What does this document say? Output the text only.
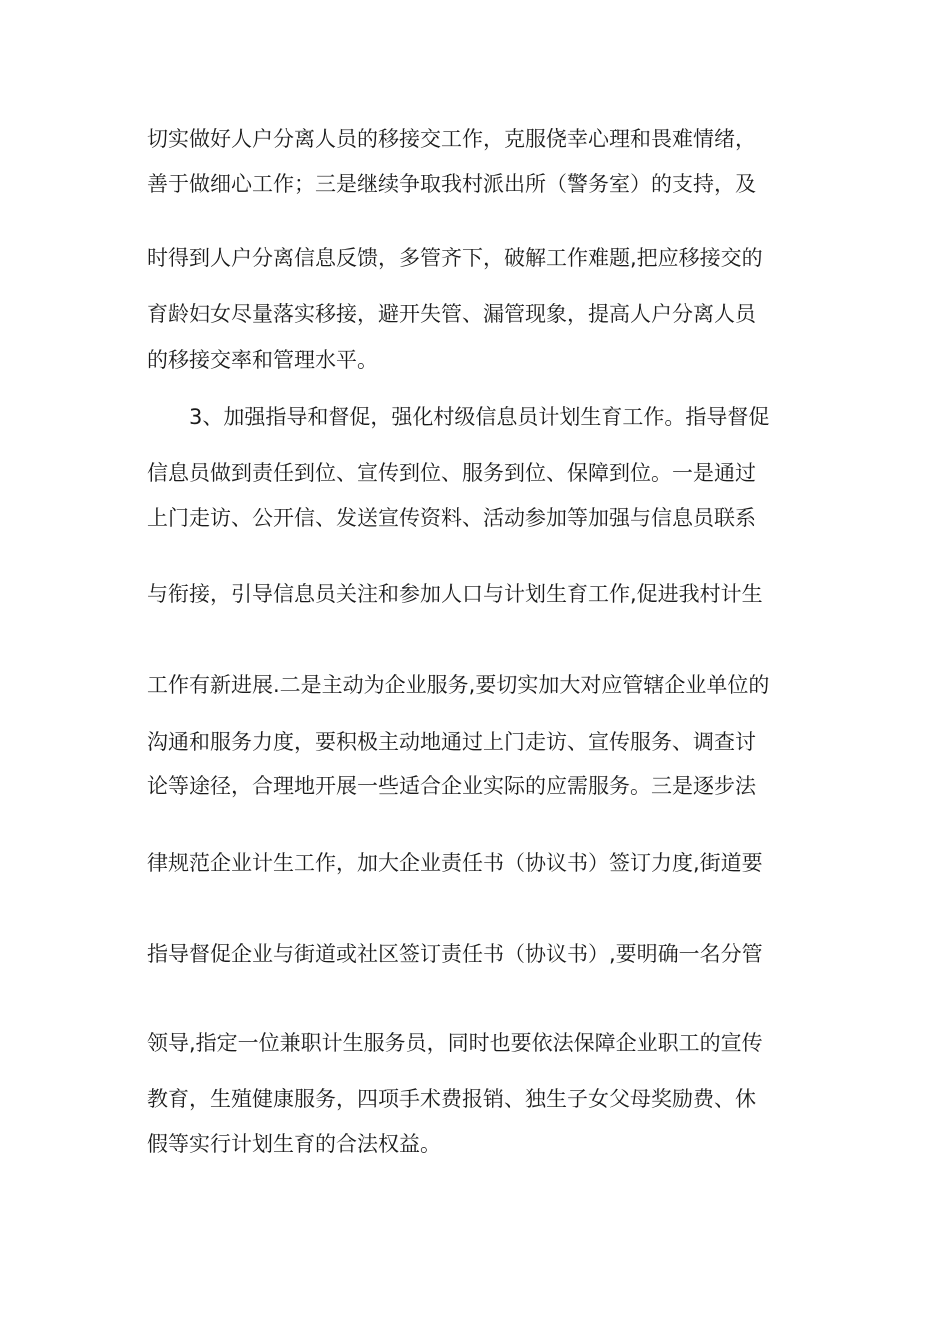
切实做好人户分离人员的移接交工作，克服侥幸心理和畏难情绪，
善于做细心工作；三是继续争取我村派出所（警务室）的支持，及
时得到人户分离信息反馈，多管齐下，破解工作难题,把应移接交的
育龄妇女尽量落实移接，避开失管、漏管现象，提高人户分离人员
的移接交率和管理水平。
3、加强指导和督促，强化村级信息员计划生育工作。指导督促
信息员做到责任到位、宣传到位、服务到位、保障到位。一是通过
上门走访、公开信、发送宣传资料、活动参加等加强与信息员联系
与衔接，引导信息员关注和参加人口与计划生育工作,促进我村计生
工作有新进展.二是主动为企业服务,要切实加大对应管辖企业单位的
沟通和服务力度，要积极主动地通过上门走访、宣传服务、调查讨
论等途径，合理地开展一些适合企业实际的应需服务。三是逐步法
律规范企业计生工作，加大企业责任书（协议书）签订力度,街道要
指导督促企业与街道或社区签订责任书（协议书）,要明确一名分管
领导,指定一位兼职计生服务员，同时也要依法保障企业职工的宣传
教育，生殖健康服务，四项手术费报销、独生子女父母奖励费、休
假等实行计划生育的合法权益。
